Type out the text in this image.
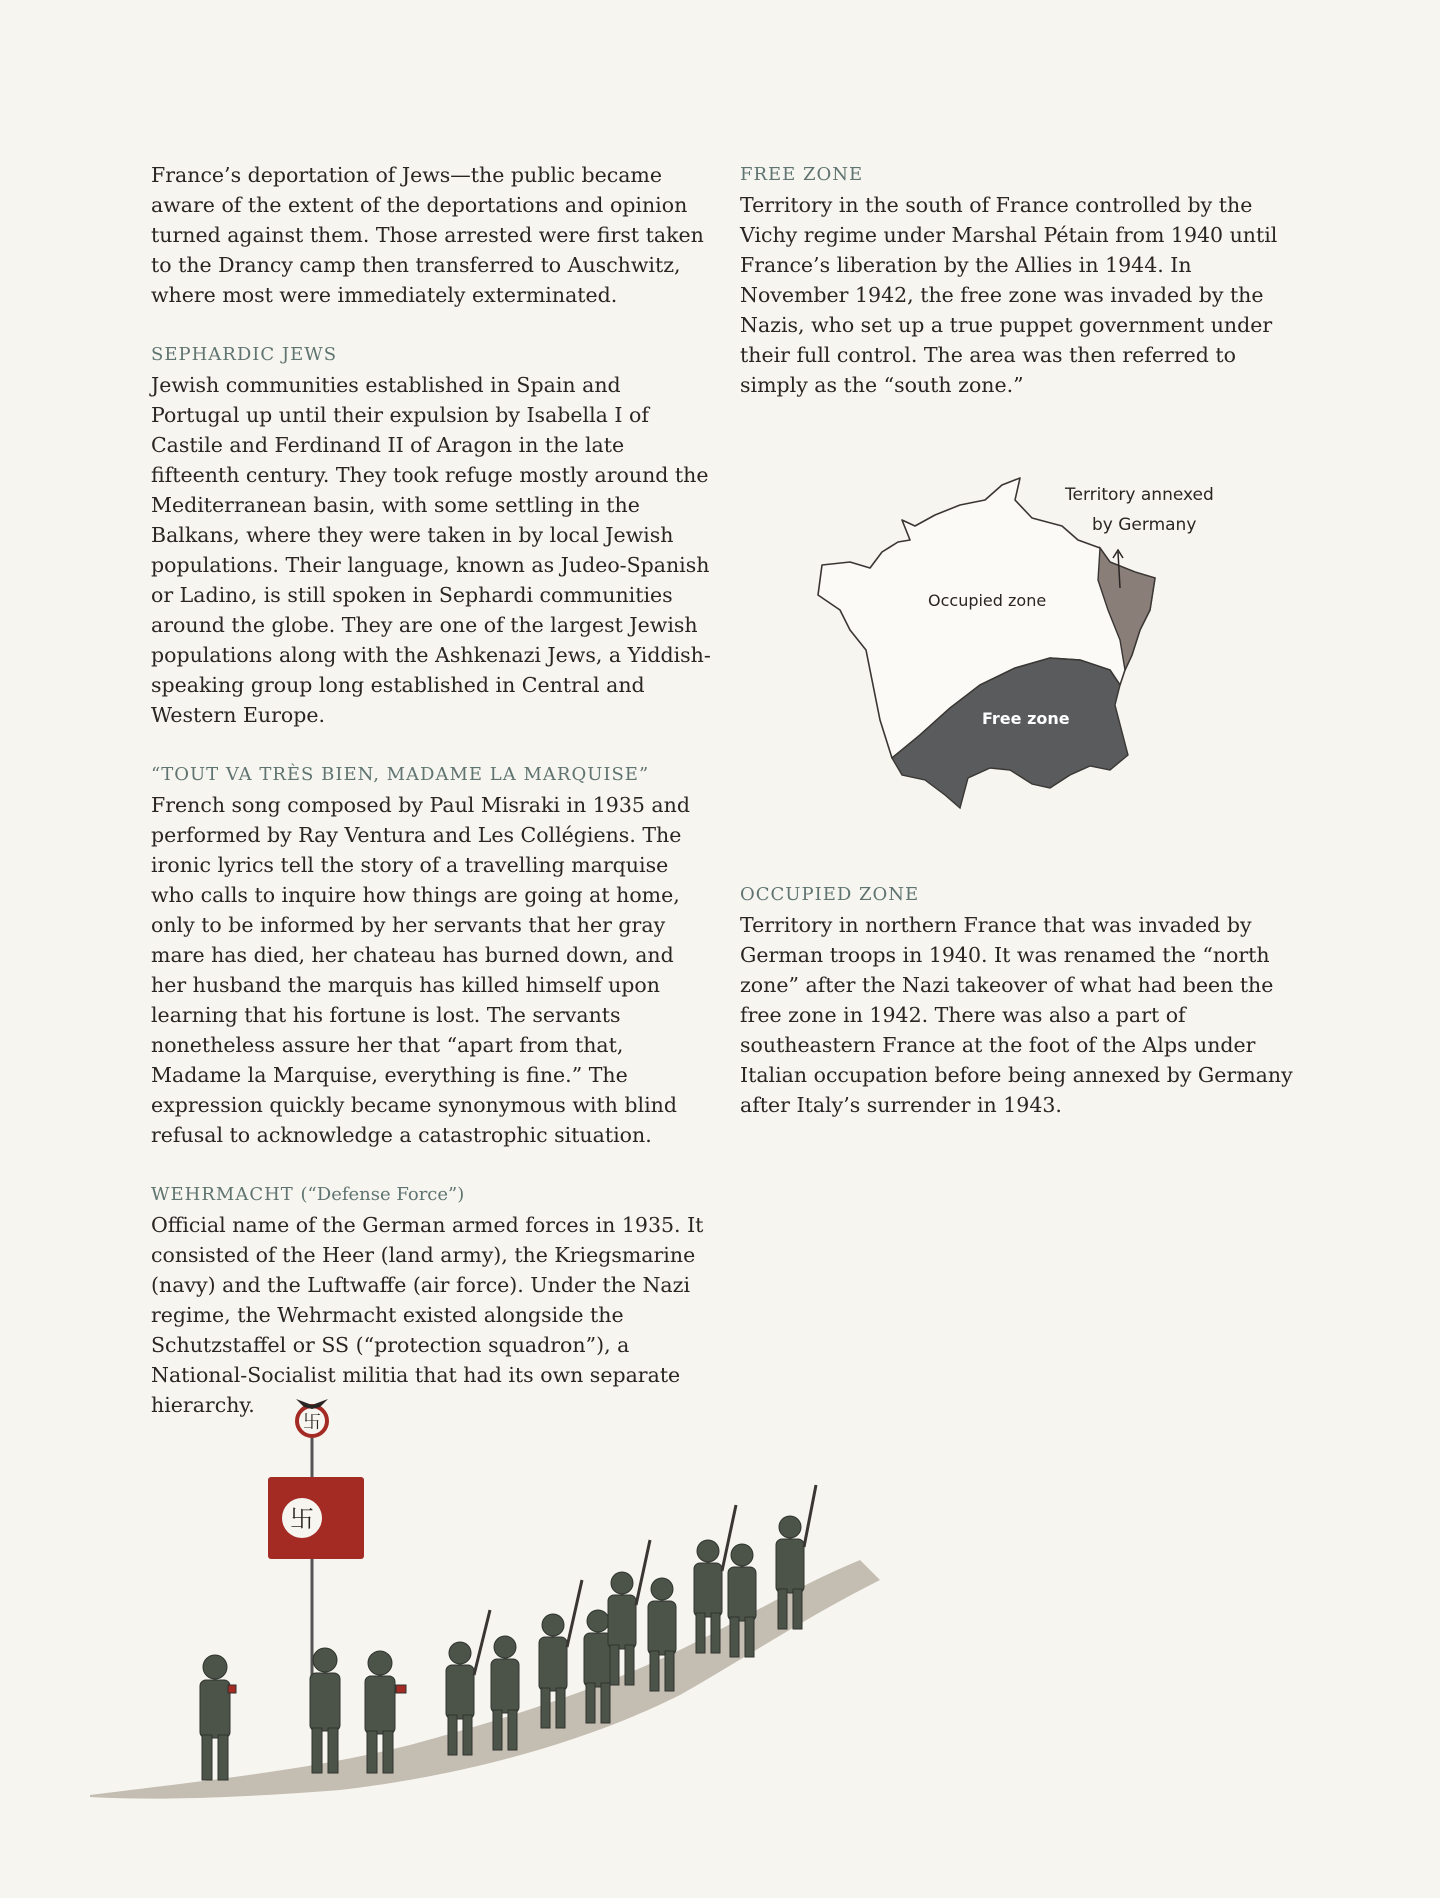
France’s deportation of Jews—the public became aware of the extent of the deportations and opinion turned against them. Those arrested were first taken to the Drancy camp then transferred to Auschwitz, where most were immediately exterminated.

SEPHARDIC JEWS

Jewish communities established in Spain and Portugal up until their expulsion by Isabella I of Castile and Ferdinand II of Aragon in the late fifteenth century. They took refuge mostly around the Mediterranean basin, with some settling in the Balkans, where they were taken in by local Jewish populations. Their language, known as Judeo-Spanish or Ladino, is still spoken in Sephardi communities around the globe. They are one of the largest Jewish populations along with the Ashkenazi Jews, a Yiddish-speaking group long established in Central and Western Europe.

“TOUT VA TRÈS BIEN, MADAME LA MARQUISE”

French song composed by Paul Misraki in 1935 and performed by Ray Ventura and Les Collégiens. The ironic lyrics tell the story of a travelling marquise who calls to inquire how things are going at home, only to be informed by her servants that her gray mare has died, her chateau has burned down, and her husband the marquis has killed himself upon learning that his fortune is lost. The servants nonetheless assure her that “apart from that, Madame la Marquise, everything is fine.” The expression quickly became synonymous with blind refusal to acknowledge a catastrophic situation.

WEHRMACHT (“Defense Force”)

Official name of the German armed forces in 1935. It consisted of the Heer (land army), the Kriegsmarine (navy) and the Luftwaffe (air force). Under the Nazi regime, the Wehrmacht existed alongside the Schutzstaffel or SS (“protection squadron”), a National-Socialist militia that had its own separate hierarchy.

FREE ZONE

Territory in the south of France controlled by the Vichy regime under Marshal Pétain from 1940 until France’s liberation by the Allies in 1944. In November 1942, the free zone was invaded by the Nazis, who set up a true puppet government under their full control. The area was then referred to simply as the “south zone.”

Territory annexed
by Germany
Occupied zone
Free zone

OCCUPIED ZONE

Territory in northern France that was invaded by German troops in 1940. It was renamed the “north zone” after the Nazi takeover of what had been the free zone in 1942. There was also a part of southeastern France at the foot of the Alps under Italian occupation before being annexed by Germany after Italy’s surrender in 1943.

卐
卐
